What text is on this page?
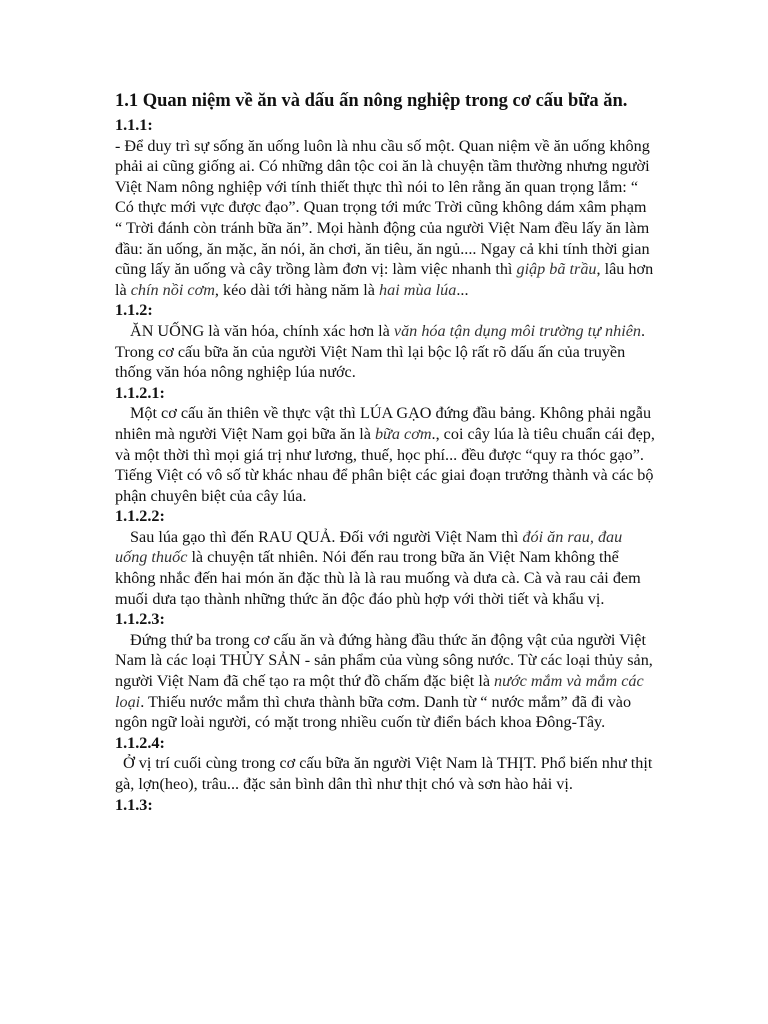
1.1 Quan niệm về ăn và dấu ấn nông nghiệp trong cơ cấu bữa ăn.

1.1.1:

- Để duy trì sự sống ăn uống luôn là nhu cầu số một. Quan niệm về ăn uống không phải ai cũng giống ai. Có những dân tộc coi ăn là chuyện tầm thường nhưng người Việt Nam nông nghiệp với tính thiết thực thì nói to lên rằng ăn quan trọng lắm: “ Có thực mới vực được đạo”. Quan trọng tới mức Trời cũng không dám xâm phạm “ Trời đánh còn tránh bữa ăn”. Mọi hành động của người Việt Nam đều lấy ăn làm đầu: ăn uống, ăn mặc, ăn nói, ăn chơi, ăn tiêu, ăn ngủ.... Ngay cả khi tính thời gian cũng lấy ăn uống và cây trồng làm đơn vị: làm việc nhanh thì giập bã trầu, lâu hơn là chín nồi cơm, kéo dài tới hàng năm là hai mùa lúa...

1.1.2:

ĂN UỐNG là văn hóa, chính xác hơn là văn hóa tận dụng môi trường tự nhiên. Trong cơ cấu bữa ăn của người Việt Nam thì lại bộc lộ rất rõ dấu ấn của truyền thống văn hóa nông nghiệp lúa nước.

1.1.2.1:

Một cơ cấu ăn thiên về thực vật thì LÚA GẠO đứng đầu bảng. Không phải ngẫu nhiên mà người Việt Nam gọi bữa ăn là bữa cơm., coi cây lúa là tiêu chuẩn cái đẹp, và một thời thì mọi giá trị như lương, thuế, học phí... đều được “quy ra thóc gạo”. Tiếng Việt có vô số từ khác nhau để phân biệt các giai đoạn trưởng thành và các bộ phận chuyên biệt của cây lúa.

1.1.2.2:

Sau lúa gạo thì đến RAU QUẢ. Đối với người Việt Nam thì đói ăn rau, đau uống thuốc là chuyện tất nhiên. Nói đến rau trong bữa ăn Việt Nam không thể không nhắc đến hai món ăn đặc thù là là rau muống và dưa cà. Cà và rau cải đem muối dưa tạo thành những thức ăn độc đáo phù hợp với thời tiết và khẩu vị.

1.1.2.3:

Đứng thứ ba trong cơ cấu ăn và đứng hàng đầu thức ăn động vật của người Việt Nam là các loại THỦY SẢN - sản phẩm của vùng sông nước. Từ các loại thủy sản, người Việt Nam đã chế tạo ra một thứ đồ chấm đặc biệt là nước mắm và mắm các loại. Thiếu nước mắm thì chưa thành bữa cơm. Danh từ “ nước mắm” đã đi vào ngôn ngữ loài người, có mặt trong nhiều cuốn từ điển bách khoa Đông-Tây.

1.1.2.4:

Ở vị trí cuối cùng trong cơ cấu bữa ăn người Việt Nam là THỊT. Phổ biến như thịt gà, lợn(heo), trâu... đặc sản bình dân thì như thịt chó và sơn hào hải vị.

1.1.3:
